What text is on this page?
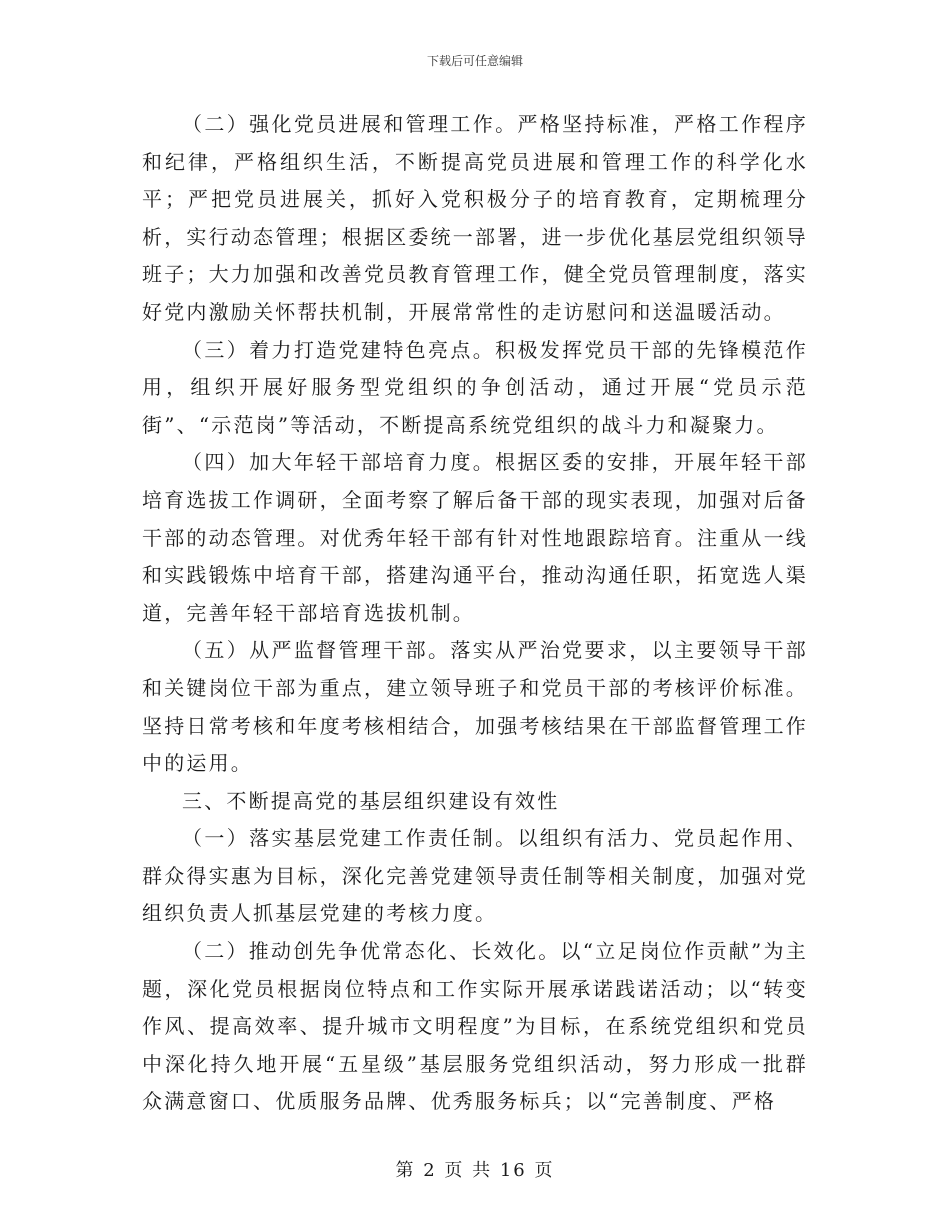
下载后可任意编辑

（二）强化党员进展和管理工作。严格坚持标准，严格工作程序和纪律，严格组织生活，不断提高党员进展和管理工作的科学化水平；严把党员进展关，抓好入党积极分子的培育教育，定期梳理分析，实行动态管理；根据区委统一部署，进一步优化基层党组织领导班子；大力加强和改善党员教育管理工作，健全党员管理制度，落实好党内激励关怀帮扶机制，开展常常性的走访慰问和送温暖活动。

（三）着力打造党建特色亮点。积极发挥党员干部的先锋模范作用，组织开展好服务型党组织的争创活动，通过开展“党员示范街”、“示范岗”等活动，不断提高系统党组织的战斗力和凝聚力。

（四）加大年轻干部培育力度。根据区委的安排，开展年轻干部培育选拔工作调研，全面考察了解后备干部的现实表现，加强对后备干部的动态管理。对优秀年轻干部有针对性地跟踪培育。注重从一线和实践锻炼中培育干部，搭建沟通平台，推动沟通任职，拓宽选人渠道，完善年轻干部培育选拔机制。

（五）从严监督管理干部。落实从严治党要求，以主要领导干部和关键岗位干部为重点，建立领导班子和党员干部的考核评价标准。坚持日常考核和年度考核相结合，加强考核结果在干部监督管理工作中的运用。

三、不断提高党的基层组织建设有效性

（一）落实基层党建工作责任制。以组织有活力、党员起作用、群众得实惠为目标，深化完善党建领导责任制等相关制度，加强对党组织负责人抓基层党建的考核力度。

（二）推动创先争优常态化、长效化。以“立足岗位作贡献”为主题，深化党员根据岗位特点和工作实际开展承诺践诺活动；以“转变作风、提高效率、提升城市文明程度”为目标，在系统党组织和党员中深化持久地开展“五星级”基层服务党组织活动，努力形成一批群众满意窗口、优质服务品牌、优秀服务标兵；以“完善制度、严格

第 2 页 共 16 页
